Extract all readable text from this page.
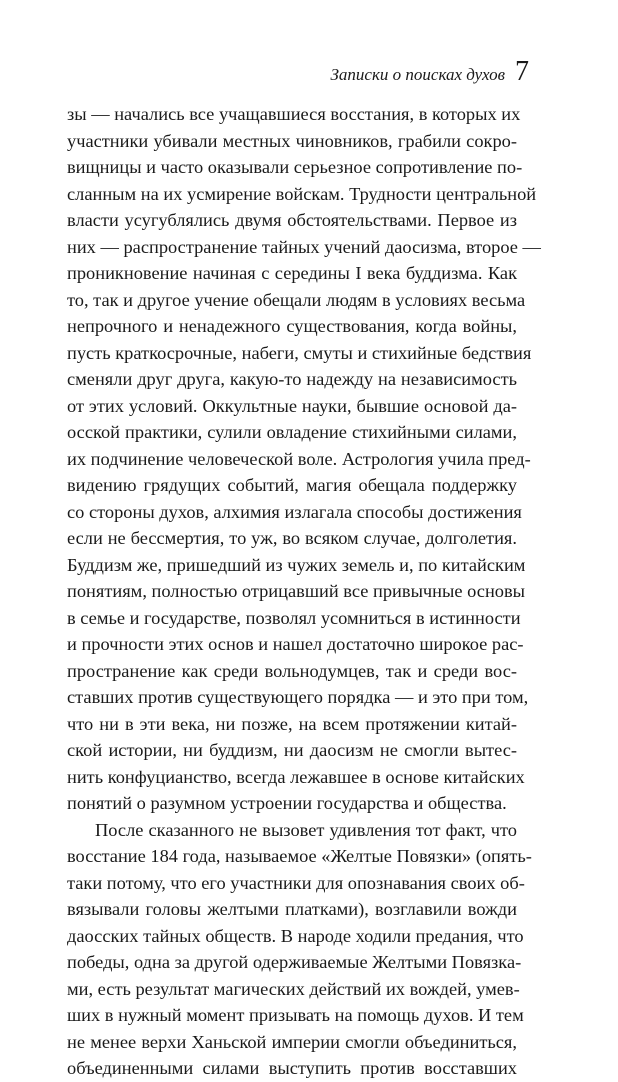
Записки о поисках духов 7
зы — начались все учащавшиеся восстания, в которых их
участники убивали местных чиновников, грабили сокро-
вищницы и часто оказывали серьезное сопротивление по-
сланным на их усмирение войскам. Трудности центральной
власти усугублялись двумя обстоятельствами. Первое из
них — распространение тайных учений даосизма, второе —
проникновение начиная с середины I века буддизма. Как
то, так и другое учение обещали людям в условиях весьма
непрочного и ненадежного существования, когда войны,
пусть краткосрочные, набеги, смуты и стихийные бедствия
сменяли друг друга, какую-то надежду на независимость
от этих условий. Оккультные науки, бывшие основой да-
осской практики, сулили овладение стихийными силами,
их подчинение человеческой воле. Астрология учила пред-
видению грядущих событий, магия обещала поддержку
со стороны духов, алхимия излагала способы достижения
если не бессмертия, то уж, во всяком случае, долголетия.
Буддизм же, пришедший из чужих земель и, по китайским
понятиям, полностью отрицавший все привычные основы
в семье и государстве, позволял усомниться в истинности
и прочности этих основ и нашел достаточно широкое рас-
пространение как среди вольнодумцев, так и среди вос-
ставших против существующего порядка — и это при том,
что ни в эти века, ни позже, на всем протяжении китай-
ской истории, ни буддизм, ни даосизм не смогли вытес-
нить конфуцианство, всегда лежавшее в основе китайских
понятий о разумном устроении государства и общества.
После сказанного не вызовет удивления тот факт, что
восстание 184 года, называемое «Желтые Повязки» (опять-
таки потому, что его участники для опознавания своих об-
вязывали головы желтыми платками), возглавили вожди
даосских тайных обществ. В народе ходили предания, что
победы, одна за другой одерживаемые Желтыми Повязка-
ми, есть результат магических действий их вождей, умев-
ших в нужный момент призывать на помощь духов. И тем
не менее верхи Ханьской империи смогли объединиться,
объединенными силами выступить против восставших
